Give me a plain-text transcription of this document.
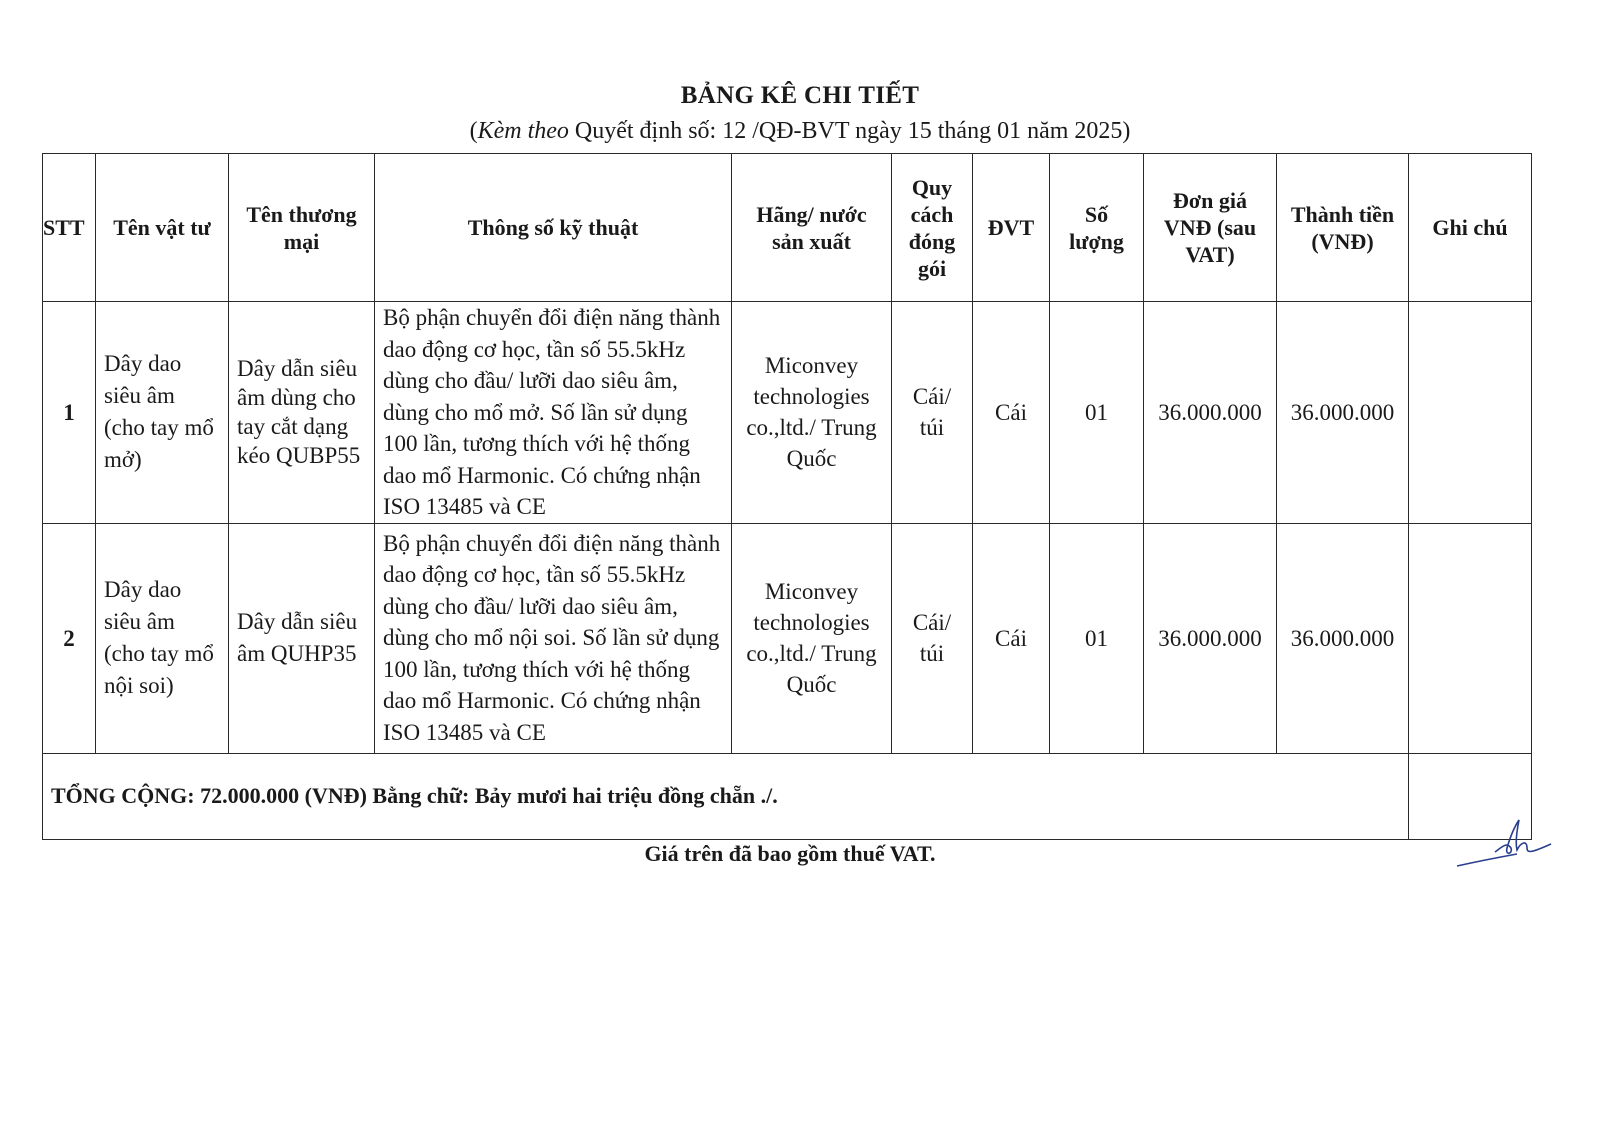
BẢNG KÊ CHI TIẾT
(Kèm theo Quyết định số: 12 /QĐ-BVT ngày 15 tháng 01 năm 2025)
STT	Tên vật tư	Tên thương mại	Thông số kỹ thuật	Hãng/ nước sản xuất	Quy cách đóng gói	ĐVT	Số lượng	Đơn giá VNĐ (sau VAT)	Thành tiền (VNĐ)	Ghi chú
1	Dây dao siêu âm (cho tay mổ mở)	Dây dẫn siêu âm dùng cho tay cắt dạng kéo QUBP55	Bộ phận chuyển đổi điện năng thành dao động cơ học, tần số 55.5kHz dùng cho đầu/ lưỡi dao siêu âm, dùng cho mổ mở. Số lần sử dụng 100 lần, tương thích với hệ thống dao mổ Harmonic. Có chứng nhận ISO 13485 và CE	Miconvey technologies co.,ltd./ Trung Quốc	Cái/ túi	Cái	01	36.000.000	36.000.000	
2	Dây dao siêu âm (cho tay mổ nội soi)	Dây dẫn siêu âm QUHP35	Bộ phận chuyển đổi điện năng thành dao động cơ học, tần số 55.5kHz dùng cho đầu/ lưỡi dao siêu âm, dùng cho mổ nội soi. Số lần sử dụng 100 lần, tương thích với hệ thống dao mổ Harmonic. Có chứng nhận ISO 13485 và CE	Miconvey technologies co.,ltd./ Trung Quốc	Cái/ túi	Cái	01	36.000.000	36.000.000	
TỔNG CỘNG: 72.000.000 (VNĐ) Bằng chữ: Bảy mươi hai triệu đồng chẵn ./.										
Giá trên đã bao gồm thuế VAT.
